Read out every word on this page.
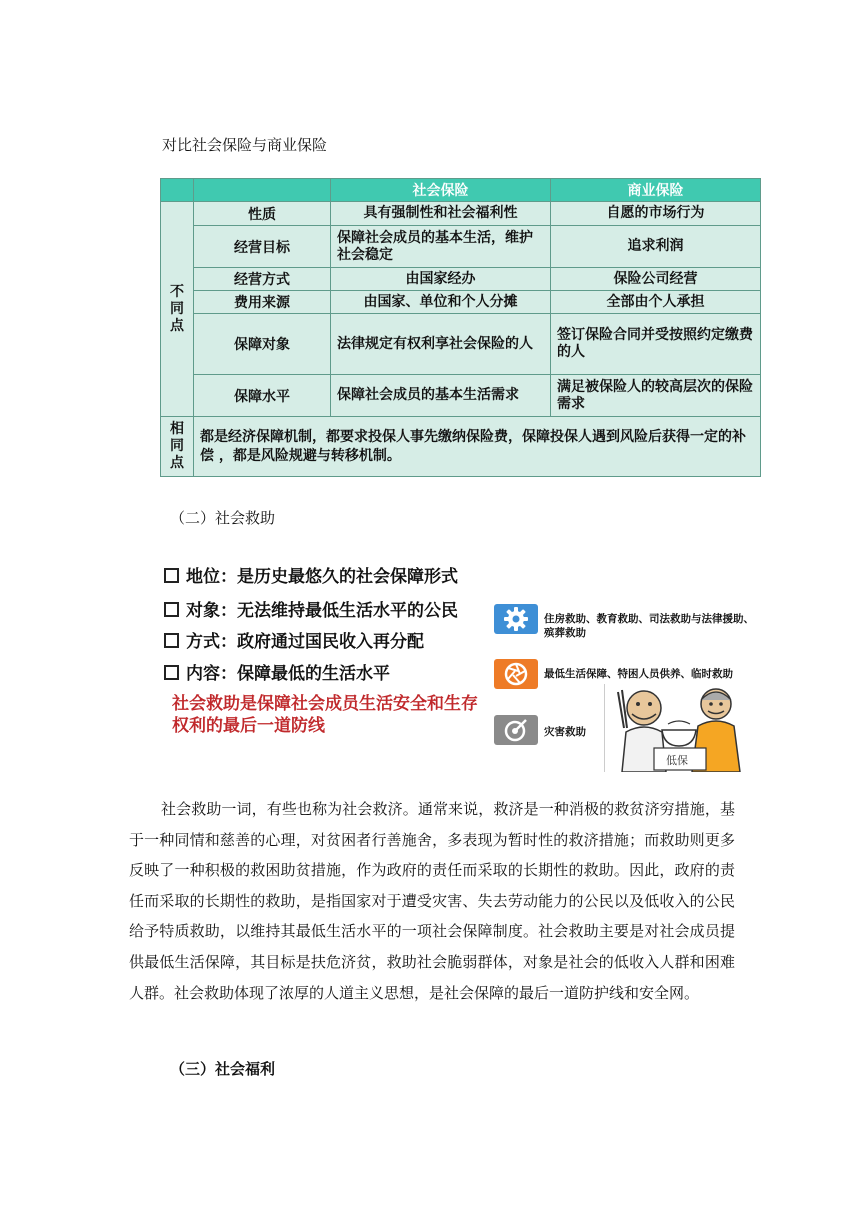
对比社会保险与商业保险
		社会保险	商业保险
不
同
点	性质	具有强制性和社会福利性	自愿的市场行为
	经营目标	保障社会成员的基本生活，维护社会稳定	追求利润
	经营方式	由国家经办	保险公司经营
	费用来源	由国家、单位和个人分摊	全部由个人承担
	保障对象	法律规定有权利享社会保险的人	签订保险合同并受按照约定缴费的人
	保障水平	保障社会成员的基本生活需求	满足被保险人的较高层次的保险需求
相
同
点	都是经济保障机制，都要求投保人事先缴纳保险费，保障投保人遇到风险后获得一定的补偿 ，都是风险规避与转移机制。		
（二）社会救助
地位：是历史最悠久的社会保障形式
对象：无法维持最低生活水平的公民
方式：政府通过国民收入再分配
内容：保障最低的生活水平
社会救助是保障社会成员生活安全和生存权利的最后一道防线
住房救助、教育救助、司法救助与法律援助、殡葬救助
最低生活保障、特困人员供养、临时救助
灾害救助
低保

社会救助一词，有些也称为社会救济。通常来说，救济是一种消极的救贫济穷措施，基于一种同情和慈善的心理，对贫困者行善施舍，多表现为暂时性的救济措施；而救助则更多反映了一种积极的救困助贫措施，作为政府的责任而采取的长期性的救助。因此，政府的责任而采取的长期性的救助，是指国家对于遭受灾害、失去劳动能力的公民以及低收入的公民给予特质救助，以维持其最低生活水平的一项社会保障制度。社会救助主要是对社会成员提供最低生活保障，其目标是扶危济贫，救助社会脆弱群体，对象是社会的低收入人群和困难人群。社会救助体现了浓厚的人道主义思想，是社会保障的最后一道防护线和安全网。

（三）社会福利
